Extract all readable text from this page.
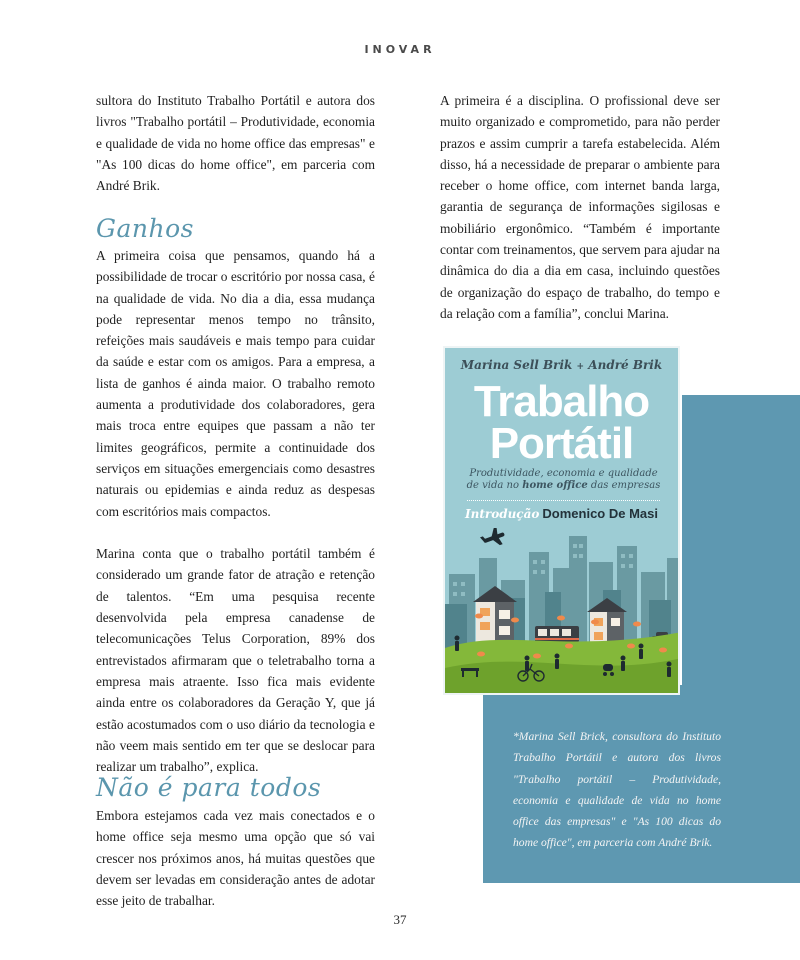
INOVAR

sultora do Instituto Trabalho Portátil e autora dos livros "Trabalho portátil – Produtividade, economia e qualidade de vida no home office das empresas" e "As 100 dicas do home office", em parceria com André Brik.

Ganhos

A primeira coisa que pensamos, quando há a possibilidade de trocar o escritório por nossa casa, é na qualidade de vida. No dia a dia, essa mudança pode representar menos tempo no trânsito, refeições mais saudáveis e mais tempo para cuidar da saúde e estar com os amigos. Para a empresa, a lista de ganhos é ainda maior. O trabalho remoto aumenta a produtividade dos colaboradores, gera mais troca entre equipes que passam a não ter limites geográficos, permite a continuidade dos serviços em situações emergenciais como desastres naturais ou epidemias e ainda reduz as despesas com escritórios mais compactos.

Marina conta que o trabalho portátil também é considerado um grande fator de atração e retenção de talentos. “Em uma pesquisa recente desenvolvida pela empresa canadense de telecomunicações Telus Corporation, 89% dos entrevistados afirmaram que o teletrabalho torna a empresa mais atraente. Isso fica mais evidente ainda entre os colaboradores da Geração Y, que já estão acostumados com o uso diário da tecnologia e não veem mais sentido em ter que se deslocar para realizar um trabalho”, explica.

Não é para todos

Embora estejamos cada vez mais conectados e o home office seja mesmo uma opção que só vai crescer nos próximos anos, há muitas questões que devem ser levadas em consideração antes de adotar esse jeito de trabalhar.

A primeira é a disciplina. O profissional deve ser muito organizado e comprometido, para não perder prazos e assim cumprir a tarefa estabelecida. Além disso, há a necessidade de preparar o ambiente para receber o home office, com internet banda larga, garantia de segurança de informações sigilosas e mobiliário ergonômico. “Também é importante contar com treinamentos, que servem para ajudar na dinâmica do dia a dia em casa, incluindo questões de organização do espaço de trabalho, do tempo e da relação com a família”, conclui Marina.

Marina Sell Brik + André Brik
Trabalho
Portátil
Produtividade, economia e qualidade
de vida no home office das empresas
Introdução Domenico De Masi
*Marina Sell Brick, consultora do Instituto Trabalho Portátil e autora dos livros "Trabalho portátil – Produtividade, economia e qualidade de vida no home office das empresas" e "As 100 dicas do home office", em parceria com André Brik.
37
